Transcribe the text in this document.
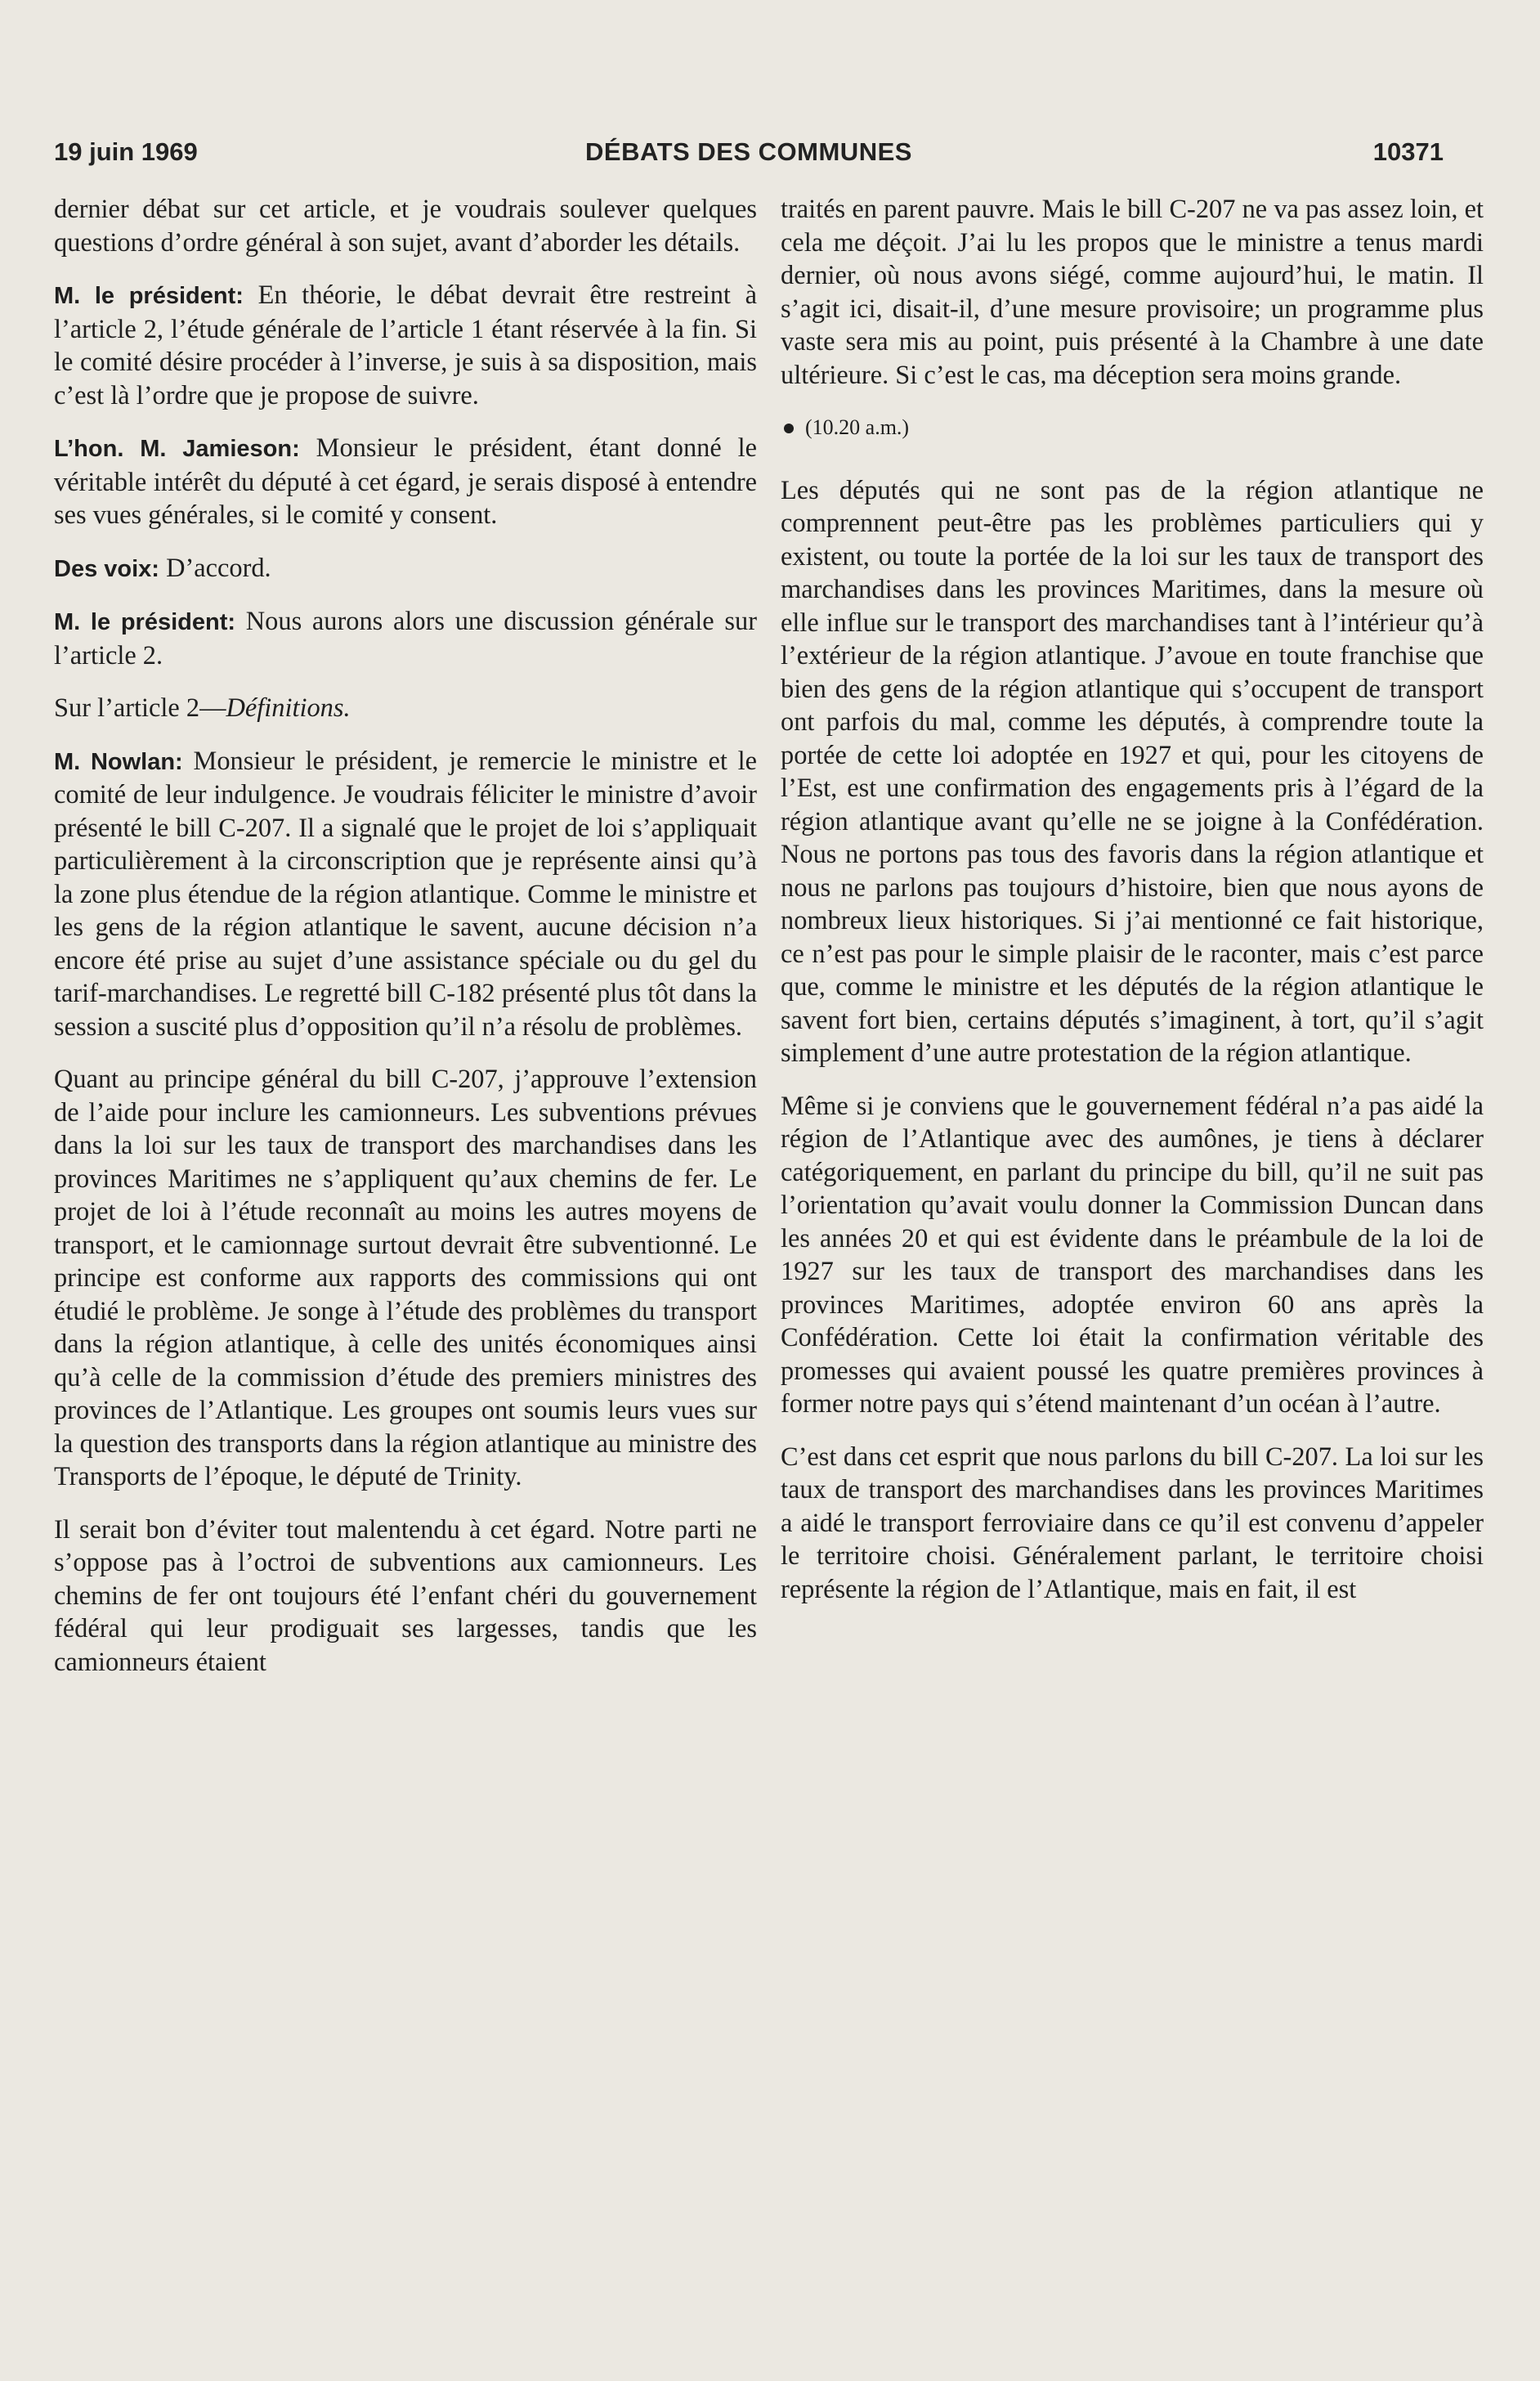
19 juin 1969	DÉBATS DES COMMUNES	10371

dernier débat sur cet article, et je voudrais soulever quelques questions d’ordre général à son sujet, avant d’aborder les détails.

M. le président: En théorie, le débat devrait être restreint à l’article 2, l’étude générale de l’article 1 étant réservée à la fin. Si le comité désire procéder à l’inverse, je suis à sa disposition, mais c’est là l’ordre que je propose de suivre.

L’hon. M. Jamieson: Monsieur le président, étant donné le véritable intérêt du député à cet égard, je serais disposé à entendre ses vues générales, si le comité y consent.

Des voix: D’accord.

M. le président: Nous aurons alors une discussion générale sur l’article 2.

Sur l’article 2—Définitions.

M. Nowlan: Monsieur le président, je remercie le ministre et le comité de leur indulgence. Je voudrais féliciter le ministre d’avoir présenté le bill C-207. Il a signalé que le projet de loi s’appliquait particulièrement à la circonscription que je représente ainsi qu’à la zone plus étendue de la région atlantique. Comme le ministre et les gens de la région atlantique le savent, aucune décision n’a encore été prise au sujet d’une assistance spéciale ou du gel du tarif-marchandises. Le regretté bill C-182 présenté plus tôt dans la session a suscité plus d’opposition qu’il n’a résolu de problèmes.

Quant au principe général du bill C-207, j’approuve l’extension de l’aide pour inclure les camionneurs. Les subventions prévues dans la loi sur les taux de transport des marchandises dans les provinces Maritimes ne s’appliquent qu’aux chemins de fer. Le projet de loi à l’étude reconnaît au moins les autres moyens de transport, et le camionnage surtout devrait être subventionné. Le principe est conforme aux rapports des commissions qui ont étudié le problème. Je songe à l’étude des problèmes du transport dans la région atlantique, à celle des unités économiques ainsi qu’à celle de la commission d’étude des premiers ministres des provinces de l’Atlantique. Les groupes ont soumis leurs vues sur la question des transports dans la région atlantique au ministre des Transports de l’époque, le député de Trinity.

Il serait bon d’éviter tout malentendu à cet égard. Notre parti ne s’oppose pas à l’octroi de subventions aux camionneurs. Les chemins de fer ont toujours été l’enfant chéri du gouvernement fédéral qui leur prodiguait ses largesses, tandis que les camionneurs étaient

traités en parent pauvre. Mais le bill C-207 ne va pas assez loin, et cela me déçoit. J’ai lu les propos que le ministre a tenus mardi dernier, où nous avons siégé, comme aujourd’hui, le matin. Il s’agit ici, disait-il, d’une mesure provisoire; un programme plus vaste sera mis au point, puis présenté à la Chambre à une date ultérieure. Si c’est le cas, ma déception sera moins grande.

(10.20 a.m.)

Les députés qui ne sont pas de la région atlantique ne comprennent peut-être pas les problèmes particuliers qui y existent, ou toute la portée de la loi sur les taux de transport des marchandises dans les provinces Maritimes, dans la mesure où elle influe sur le transport des marchandises tant à l’intérieur qu’à l’extérieur de la région atlantique. J’avoue en toute franchise que bien des gens de la région atlantique qui s’occupent de transport ont parfois du mal, comme les députés, à comprendre toute la portée de cette loi adoptée en 1927 et qui, pour les citoyens de l’Est, est une confirmation des engagements pris à l’égard de la région atlantique avant qu’elle ne se joigne à la Confédération. Nous ne portons pas tous des favoris dans la région atlantique et nous ne parlons pas toujours d’histoire, bien que nous ayons de nombreux lieux historiques. Si j’ai mentionné ce fait historique, ce n’est pas pour le simple plaisir de le raconter, mais c’est parce que, comme le ministre et les députés de la région atlantique le savent fort bien, certains députés s’imaginent, à tort, qu’il s’agit simplement d’une autre protestation de la région atlantique.

Même si je conviens que le gouvernement fédéral n’a pas aidé la région de l’Atlantique avec des aumônes, je tiens à déclarer catégoriquement, en parlant du principe du bill, qu’il ne suit pas l’orientation qu’avait voulu donner la Commission Duncan dans les années 20 et qui est évidente dans le préambule de la loi de 1927 sur les taux de transport des marchandises dans les provinces Maritimes, adoptée environ 60 ans après la Confédération. Cette loi était la confirmation véritable des promesses qui avaient poussé les quatre premières provinces à former notre pays qui s’étend maintenant d’un océan à l’autre.

C’est dans cet esprit que nous parlons du bill C-207. La loi sur les taux de transport des marchandises dans les provinces Maritimes a aidé le transport ferroviaire dans ce qu’il est convenu d’appeler le territoire choisi. Généralement parlant, le territoire choisi représente la région de l’Atlantique, mais en fait, il est
